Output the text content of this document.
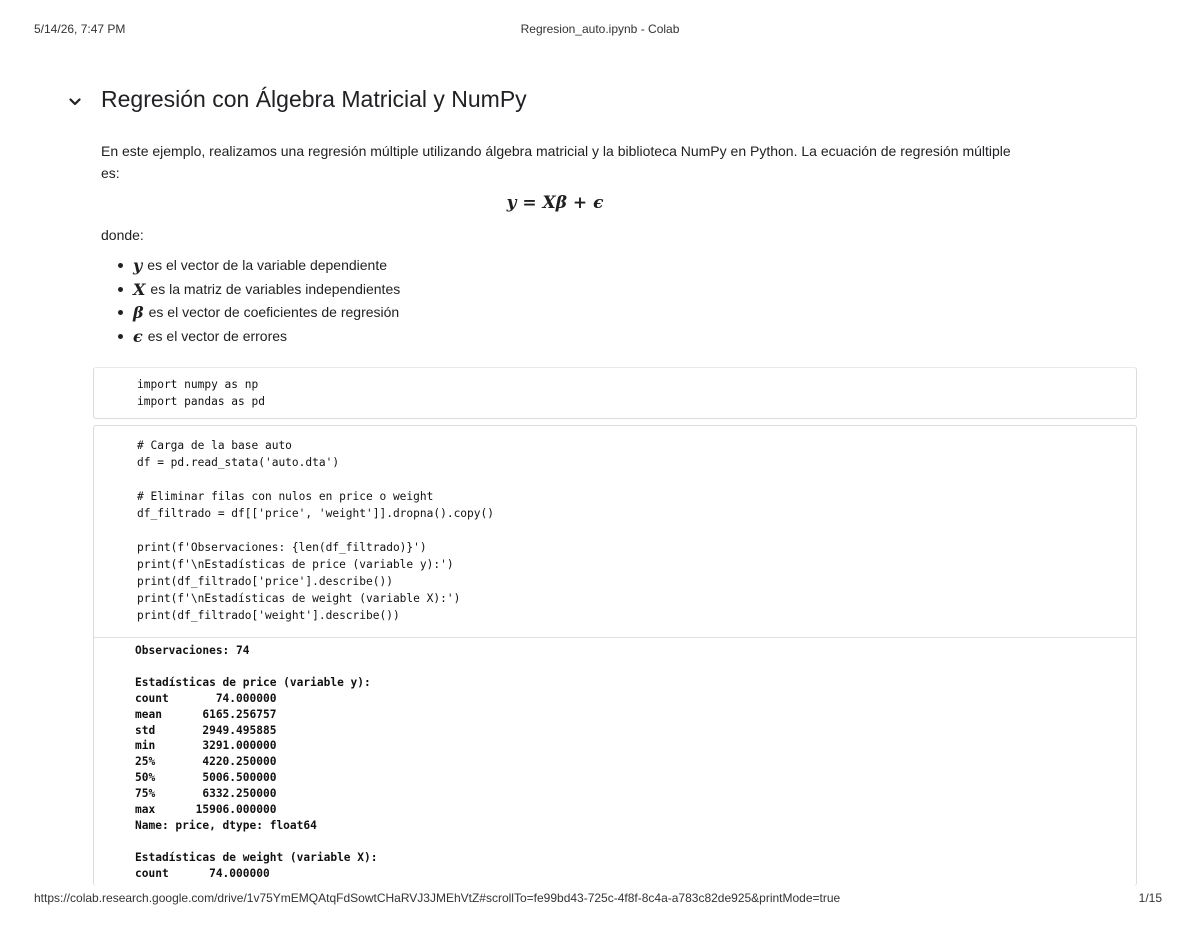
5/14/26, 7:47 PM	Regresion_auto.ipynb - Colab
Regresión con Álgebra Matricial y NumPy
En este ejemplo, realizamos una regresión múltiple utilizando álgebra matricial y la biblioteca NumPy en Python. La ecuación de regresión múltiple es:
y = Xβ + ϵ
donde:
y es el vector de la variable dependiente
X es la matriz de variables independientes
β es el vector de coeficientes de regresión
ϵ es el vector de errores
import numpy as np
import pandas as pd
# Carga de la base auto
df = pd.read_stata('auto.dta')

# Eliminar filas con nulos en price o weight
df_filtrado = df[['price', 'weight']].dropna().copy()

print(f'Observaciones: {len(df_filtrado)}')
print(f'\nEstadísticas de price (variable y):')
print(df_filtrado['price'].describe())
print(f'\nEstadísticas de weight (variable X):')
print(df_filtrado['weight'].describe())
Observaciones: 74

Estadísticas de price (variable y):
count       74.000000
mean      6165.256757
std       2949.495885
min       3291.000000
25%       4220.250000
50%       5006.500000
75%       6332.250000
max      15906.000000
Name: price, dtype: float64

Estadísticas de weight (variable X):
count      74.000000
https://colab.research.google.com/drive/1v75YmEMQAtqFdSowtCHaRVJ3JMEhVtZ#scrollTo=fe99bd43-725c-4f8f-8c4a-a783c82de925&printMode=true	1/15
